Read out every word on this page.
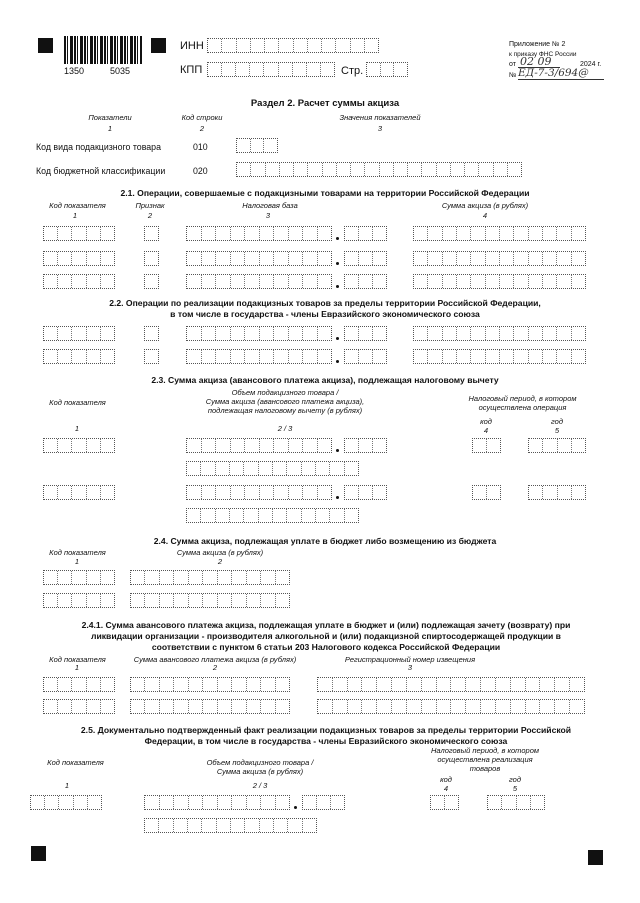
1350	5035
ИНН
КПП	Стр.
Приложение № 2
к приказу ФНС России
от 02 09	2024 г.
№ ЕД-7-3/694@
Раздел 2. Расчет суммы акциза
Показатели	Код строки	Значения показателей
1	2	3
Код вида подакцизного товара	010
Код бюджетной классификации	020
2.1. Операции, совершаемые с подакцизными товарами на территории Российской Федерации
Код показателя	Признак	Налоговая база	Сумма акциза (в рублях)
1	2	3	4
2.2. Операции по реализации подакцизных товаров за пределы территории Российской Федерации,
в том числе в государства - члены Евразийского экономического союза
2.3. Сумма акциза (авансового платежа акциза), подлежащая налоговому вычету
Код показателя
Объем подакцизного товара /
Сумма акциза (авансового платежа акциза),
подлежащая налоговому вычету (в рублях)
Налоговый период, в котором
осуществлена операция
код	год
1	2 / 3	4	5
2.4. Сумма акциза, подлежащая уплате в бюджет либо возмещению из бюджета
Код показателя	Сумма акциза (в рублях)
1	2
2.4.1. Сумма авансового платежа акциза, подлежащая уплате в бюджет и (или) подлежащая зачету (возврату) при
ликвидации организации - производителя алкогольной и (или) подакцизной спиртосодержащей продукции в
соответствии с пунктом 6 статьи 203 Налогового кодекса Российской Федерации
Код показателя	Сумма авансового платежа акциза (в рублях)	Регистрационный номер извещения
1	2	3
2.5. Документально подтвержденный факт реализации подакцизных товаров за пределы территории Российской
Федерации, в том числе в государства - члены Евразийского экономического союза
Код показателя	Объем подакцизного товара /
Сумма акциза (в рублях)
Налоговый период, в котором
осуществлена реализация
товаров
код	год
1	2 / 3	4	5
